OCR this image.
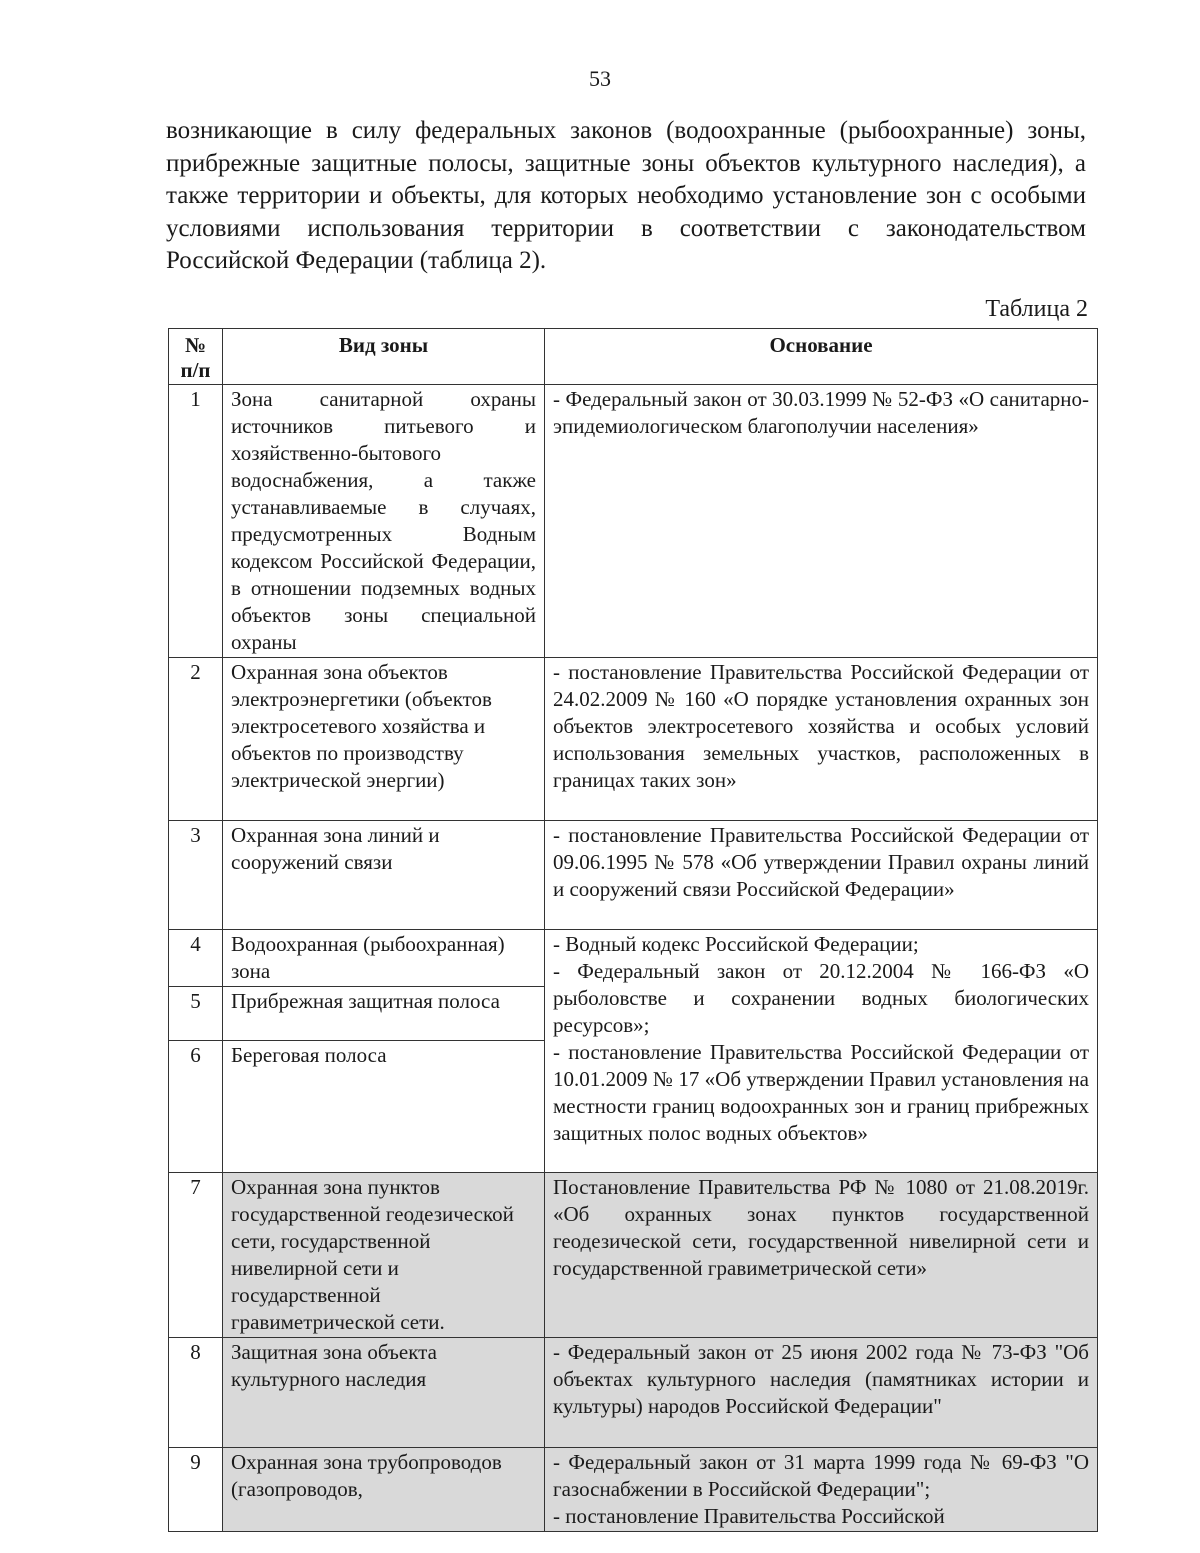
53
возникающие в силу федеральных законов (водоохранные (рыбоохранные) зоны, прибрежные защитные полосы, защитные зоны объектов культурного наследия), а также территории и объекты, для которых необходимо установление зон с особыми условиями использования территории в соответствии с законодательством Российской Федерации (таблица 2).
Таблица 2
№ п/п	Вид зоны	Основание
1	Зона санитарной охраны источников питьевого и хозяйственно-бытового водоснабжения, а также устанавливаемые в случаях, предусмотренных Водным кодексом Российской Федерации, в отношении подземных водных объектов зоны специальной охраны	- Федеральный закон от 30.03.1999 № 52-ФЗ «О санитарно-эпидемиологическом благополучии населения»
2	Охранная зона объектов электроэнергетики (объектов электросетевого хозяйства и объектов по производству электрической энергии)	- постановление Правительства Российской Федерации от 24.02.2009 № 160 «О порядке установления охранных зон объектов электросетевого хозяйства и особых условий использования земельных участков, расположенных в границах таких зон»
3	Охранная зона линий и сооружений связи	- постановление Правительства Российской Федерации от 09.06.1995 № 578 «Об утверждении Правил охраны линий и сооружений связи Российской Федерации»
4	Водоохранная (рыбоохранная) зона	- Водный кодекс Российской Федерации;

- Федеральный закон от 20.12.2004 № 166-ФЗ «О рыболовстве и сохранении водных биологических ресурсов»;

- постановление Правительства Российской Федерации от 10.01.2009 № 17 «Об утверждении Правил установления на местности границ водоохранных зон и границ прибрежных защитных полос водных объектов»

5	Прибрежная защитная полоса	
6	Береговая полоса	
7	Охранная зона пунктов государственной геодезической сети, государственной нивелирной сети и государственной гравиметрической сети.	Постановление Правительства РФ № 1080 от 21.08.2019г. «Об охранных зонах пунктов государственной геодезической сети, государственной нивелирной сети и государственной гравиметрической сети»
8	Защитная зона объекта культурного наследия	- Федеральный закон от 25 июня 2002 года № 73-ФЗ "Об объектах культурного наследия (памятниках истории и культуры) народов Российской Федерации"
9	Охранная зона трубопроводов (газопроводов,	- Федеральный закон от 31 марта 1999 года № 69-ФЗ "О газоснабжении в Российской Федерации";

- постановление Правительства Российской
